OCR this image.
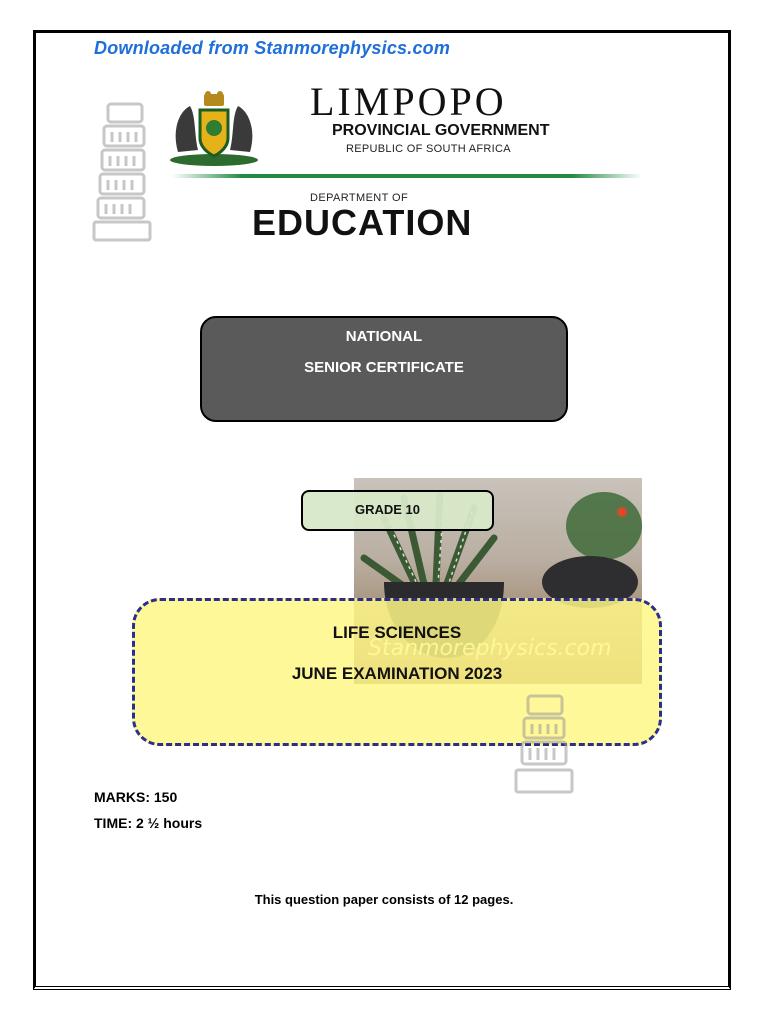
Downloaded from Stanmorephysics.com
LIMPOPO
PROVINCIAL GOVERNMENT
REPUBLIC OF SOUTH AFRICA
DEPARTMENT OF
EDUCATION
NATIONAL
SENIOR CERTIFICATE
GRADE 10
LIFE SCIENCES
JUNE EXAMINATION 2023
MARKS: 150
TIME: 2 ½ hours
This question paper consists of 12 pages.
